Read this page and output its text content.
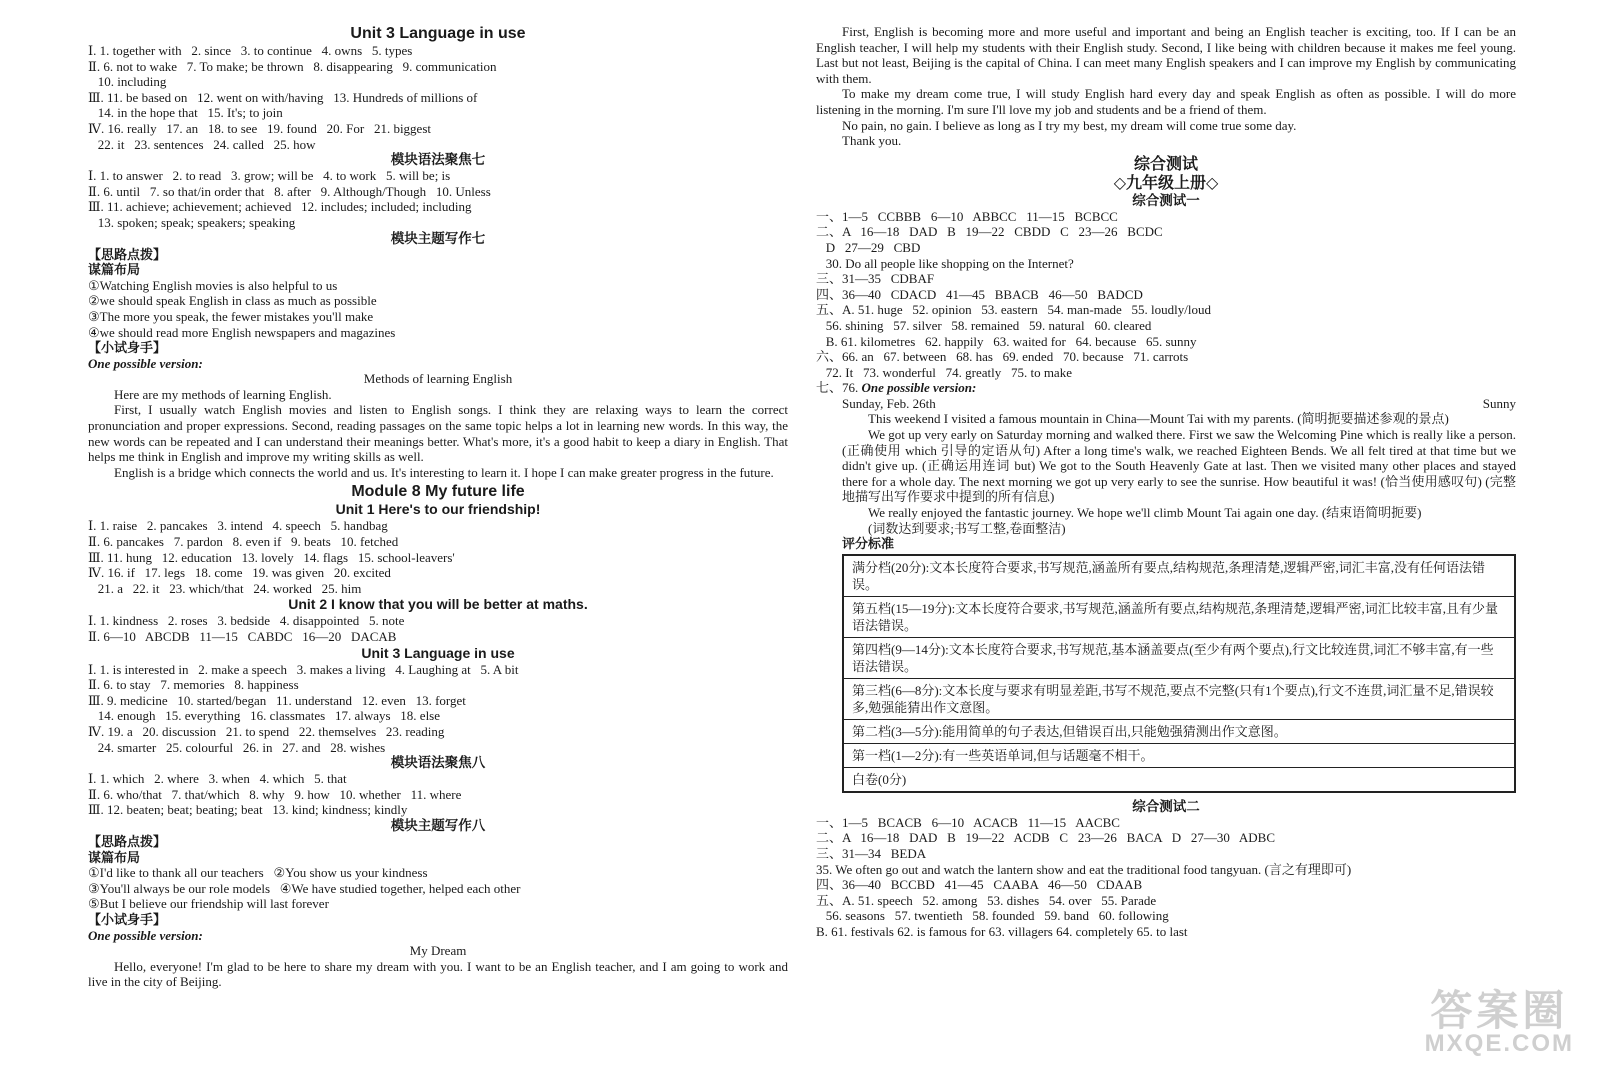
Unit 3 Language in use
Ⅰ. 1. together with   2. since   3. to continue   4. owns   5. types
Ⅱ. 6. not to wake   7. To make; be thrown   8. disappearing   9. communication
10. including
Ⅲ. 11. be based on   12. went on with/having   13. Hundreds of millions of
14. in the hope that   15. It's; to join
Ⅳ. 16. really   17. an   18. to see   19. found   20. For   21. biggest
22. it   23. sentences   24. called   25. how
模块语法聚焦七
Ⅰ. 1. to answer   2. to read   3. grow; will be   4. to work   5. will be; is
Ⅱ. 6. until   7. so that/in order that   8. after   9. Although/Though   10. Unless
Ⅲ. 11. achieve; achievement; achieved   12. includes; included; including
13. spoken; speak; speakers; speaking
模块主题写作七
【思路点拨】
谋篇布局
①Watching English movies is also helpful to us
②we should speak English in class as much as possible
③The more you speak, the fewer mistakes you'll make
④we should read more English newspapers and magazines
【小试身手】
One possible version:
Methods of learning English
Here are my methods of learning English.
First, I usually watch English movies and listen to English songs. I think they are relaxing ways to learn the correct pronunciation and proper expressions. Second, reading passages on the same topic helps a lot in learning new words. In this way, the new words can be repeated and I can understand their meanings better. What's more, it's a good habit to keep a diary in English. That helps me think in English and improve my writing skills as well.
English is a bridge which connects the world and us. It's interesting to learn it. I hope I can make greater progress in the future.
Module 8 My future life
Unit 1 Here's to our friendship!
Ⅰ. 1. raise   2. pancakes   3. intend   4. speech   5. handbag
Ⅱ. 6. pancakes   7. pardon   8. even if   9. beats   10. fetched
Ⅲ. 11. hung   12. education   13. lovely   14. flags   15. school-leavers'
Ⅳ. 16. if   17. legs   18. come   19. was given   20. excited
21. a   22. it   23. which/that   24. worked   25. him
Unit 2 I know that you will be better at maths.
Ⅰ. 1. kindness   2. roses   3. bedside   4. disappointed   5. note
Ⅱ. 6—10   ABCDB   11—15   CABDC   16—20   DACAB
Unit 3 Language in use
Ⅰ. 1. is interested in   2. make a speech   3. makes a living   4. Laughing at   5. A bit
Ⅱ. 6. to stay   7. memories   8. happiness
Ⅲ. 9. medicine   10. started/began   11. understand   12. even   13. forget
14. enough   15. everything   16. classmates   17. always   18. else
Ⅳ. 19. a   20. discussion   21. to spend   22. themselves   23. reading
24. smarter   25. colourful   26. in   27. and   28. wishes
模块语法聚焦八
Ⅰ. 1. which   2. where   3. when   4. which   5. that
Ⅱ. 6. who/that   7. that/which   8. why   9. how   10. whether   11. where
Ⅲ. 12. beaten; beat; beating; beat   13. kind; kindness; kindly
模块主题写作八
【思路点拨】
谋篇布局
①I'd like to thank all our teachers   ②You show us your kindness
③You'll always be our role models   ④We have studied together, helped each other
⑤But I believe our friendship will last forever
【小试身手】
One possible version:
My Dream
Hello, everyone! I'm glad to be here to share my dream with you. I want to be an English teacher, and I am going to work and live in the city of Beijing.
First, English is becoming more and more useful and important and being an English teacher is exciting, too. If I can be an English teacher, I will help my students with their English study. Second, I like being with children because it makes me feel young. Last but not least, Beijing is the capital of China. I can meet many English speakers and I can improve my English by communicating with them.
To make my dream come true, I will study English hard every day and speak English as often as possible. I will do more listening in the morning. I'm sure I'll love my job and students and be a friend of them.
No pain, no gain. I believe as long as I try my best, my dream will come true some day.
Thank you.
综合测试
◇九年级上册◇
综合测试一
一、1—5   CCBBB   6—10   ABBCC   11—15   BCBCC
二、A   16—18   DAD   B   19—22   CBDD   C   23—26   BCDC
D   27—29   CBD
30. Do all people like shopping on the Internet?
三、31—35   CDBAF
四、36—40   CDACD   41—45   BBACB   46—50   BADCD
五、A. 51. huge   52. opinion   53. eastern   54. man-made   55. loudly/loud
56. shining   57. silver   58. remained   59. natural   60. cleared
B. 61. kilometres   62. happily   63. waited for   64. because   65. sunny
六、66. an   67. between   68. has   69. ended   70. because   71. carrots
72. It   73. wonderful   74. greatly   75. to make
七、76. One possible version:
Sunday, Feb. 26th	Sunny
This weekend I visited a famous mountain in China—Mount Tai with my parents. (简明扼要描述参观的景点)
We got up very early on Saturday morning and walked there. First we saw the Welcoming Pine which is really like a person. (正确使用 which 引导的定语从句) After a long time's walk, we reached Eighteen Bends. We all felt tired at that time but we didn't give up. (正确运用连词 but) We got to the South Heavenly Gate at last. Then we visited many other places and stayed there for a whole day. The next morning we got up very early to see the sunrise. How beautiful it was! (恰当使用感叹句) (完整地描写出写作要求中提到的所有信息)
We really enjoyed the fantastic journey. We hope we'll climb Mount Tai again one day. (结束语简明扼要)
(词数达到要求;书写工整,卷面整洁)
评分标准
满分档(20分):文本长度符合要求,书写规范,涵盖所有要点,结构规范,条理清楚,逻辑严密,词汇丰富,没有任何语法错误。
第五档(15—19分):文本长度符合要求,书写规范,涵盖所有要点,结构规范,条理清楚,逻辑严密,词汇比较丰富,且有少量语法错误。
第四档(9—14分):文本长度符合要求,书写规范,基本涵盖要点(至少有两个要点),行文比较连贯,词汇不够丰富,有一些语法错误。
第三档(6—8分):文本长度与要求有明显差距,书写不规范,要点不完整(只有1个要点),行文不连贯,词汇量不足,错误较多,勉强能猜出作文意图。
第二档(3—5分):能用简单的句子表达,但错误百出,只能勉强猜测出作文意图。
第一档(1—2分):有一些英语单词,但与话题毫不相干。
白卷(0分)
综合测试二
一、1—5   BCACB   6—10   ACACB   11—15   AACBC
二、A   16—18   DAD   B   19—22   ACDB   C   23—26   BACA   D   27—30   ADBC
三、31—34   BEDA
35. We often go out and watch the lantern show and eat the traditional food tangyuan. (言之有理即可)
四、36—40   BCCBD   41—45   CAABA   46—50   CDAAB
五、A. 51. speech   52. among   53. dishes   54. over   55. Parade
56. seasons   57. twentieth   58. founded   59. band   60. following
B. 61. festivals 62. is famous for 63. villagers 64. completely 65. to last
答案圈
MXQE.COM
